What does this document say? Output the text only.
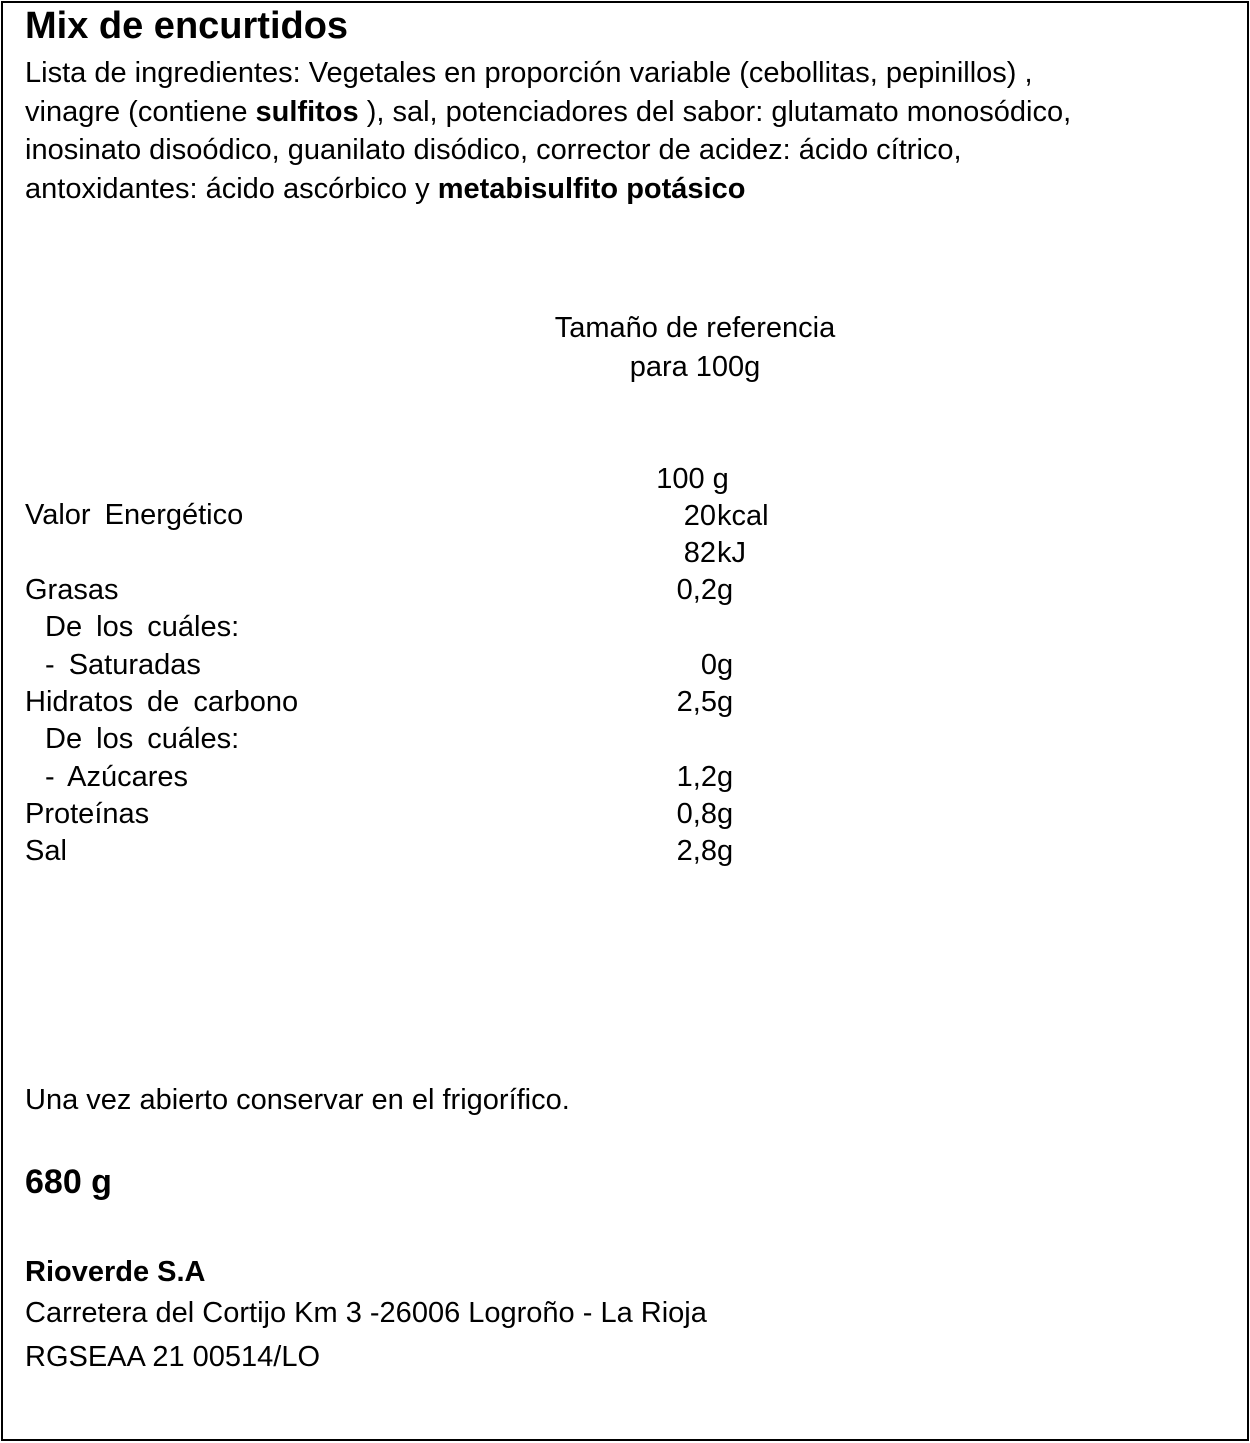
Mix de encurtidos
Lista de ingredientes: Vegetales en proporción variable (cebollitas, pepinillos) ,
vinagre (contiene sulfitos ), sal, potenciadores del sabor: glutamato monosódico,
inosinato disoódico, guanilato disódico, corrector de acidez: ácido cítrico,
antoxidantes: ácido ascórbico y metabisulfito potásico
Tamaño de referencia
para 100g
100 g
Valor Energético	20 kcal
82 kJ
Grasas	0,2 g
De los cuáles:
- Saturadas	0 g
Hidratos de carbono	2,5 g
De los cuáles:
- Azúcares	1,2 g
Proteínas	0,8 g
Sal	2,8 g
Una vez abierto conservar en el frigorífico.
680 g
Rioverde S.A
Carretera del Cortijo Km 3 -26006 Logroño - La Rioja
RGSEAA 21 00514/LO
